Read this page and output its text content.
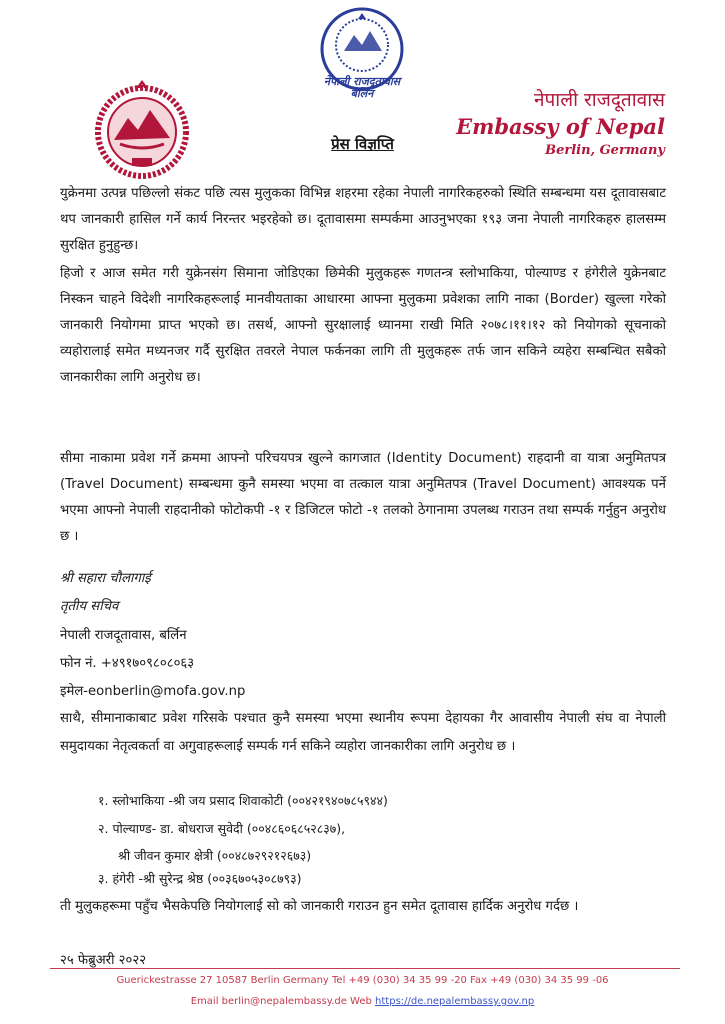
नेपाली राजदूतावास
बर्लिन	नेपाली राजदूतावास
Embassy of Nepal
Berlin, Germany
प्रेस विज्ञप्ति

युक्रेनमा उत्पन्न पछिल्लो संकट पछि त्यस मुलुकका विभिन्न शहरमा रहेका नेपाली नागरिकहरुको स्थिति सम्बन्धमा यस दूतावासबाट थप जानकारी हासिल गर्ने कार्य निरन्तर भइरहेको छ। दूतावासमा सम्पर्कमा आउनुभएका १९३ जना नेपाली नागरिकहरु हालसम्म सुरक्षित हुनुहुन्छ।

हिजो र आज समेत गरी युक्रेनसंग सिमाना जोडिएका छिमेकी मुलुकहरू गणतन्त्र स्लोभाकिया, पोल्याण्ड र हंगेरीले युक्रेनबाट निस्कन चाहने विदेशी नागरिकहरूलाई मानवीयताका आधारमा आफ्ना मुलुकमा प्रवेशका लागि नाका (Border) खुल्ला गरेको जानकारी नियोगमा प्राप्त भएको छ। तसर्थ, आफ्नो सुरक्षालाई ध्यानमा राखी मिति २०७८।११।१२ को नियोगको सूचनाको व्यहोरालाई समेत मध्यनजर गर्दै सुरक्षित तवरले नेपाल फर्कनका लागि ती मुलुकहरू तर्फ जान सकिने व्यहेरा सम्बन्धित सबैको जानकारीका लागि अनुरोध छ।

सीमा नाकामा प्रवेश गर्ने क्रममा आफ्नो परिचयपत्र खुल्ने कागजात (Identity Document) राहदानी वा यात्रा अनुमितपत्र (Travel Document) सम्बन्धमा कुनै समस्या भएमा वा तत्काल यात्रा अनुमितपत्र (Travel Document) आवश्यक पर्ने भएमा आफ्नो नेपाली राहदानीको फोटोकपी -१ र डिजिटल फोटो -१ तलको ठेगानामा उपलब्ध गराउन तथा सम्पर्क गर्नुहुन अनुरोध छ ।

श्री सहारा चौलागाई
तृतीय सचिव
नेपाली राजदूतावास, बर्लिन
फोन नं. +४९१७०९८०८०६३
इमेल-eonberlin@mofa.gov.np

साथै, सीमानाकाबाट प्रवेश गरिसके पश्चात कुनै समस्या भएमा स्थानीय रूपमा देहायका गैर आवासीय नेपाली संघ वा नेपाली समुदायका नेतृत्वकर्ता वा अगुवाहरूलाई सम्पर्क गर्न सकिने व्यहोरा जानकारीका लागि अनुरोध छ ।

१. स्लोभाकिया -श्री जय प्रसाद शिवाकोटी (००४२१९४०७८५९४४)
२. पोल्याण्ड- डा. बोधराज सुवेदी (००४८६०६८५२८३७),
श्री जीवन कुमार क्षेत्री (००४८७२९२१२६७३)
३. हंगेरी -श्री सुरेन्द्र श्रेष्ठ (००३६७०५३०८७९३)

ती मुलुकहरूमा पहुँच भैसकेपछि नियोगलाई सो को जानकारी गराउन हुन समेत दूतावास हार्दिक अनुरोध गर्दछ ।

२५ फेब्रुअरी २०२२
Guerickestrasse 27 10587 Berlin Germany Tel +49 (030) 34 35 99 -20 Fax +49 (030) 34 35 99 -06
Email berlin@nepalembassy.de Web https://de.nepalembassy.gov.np
